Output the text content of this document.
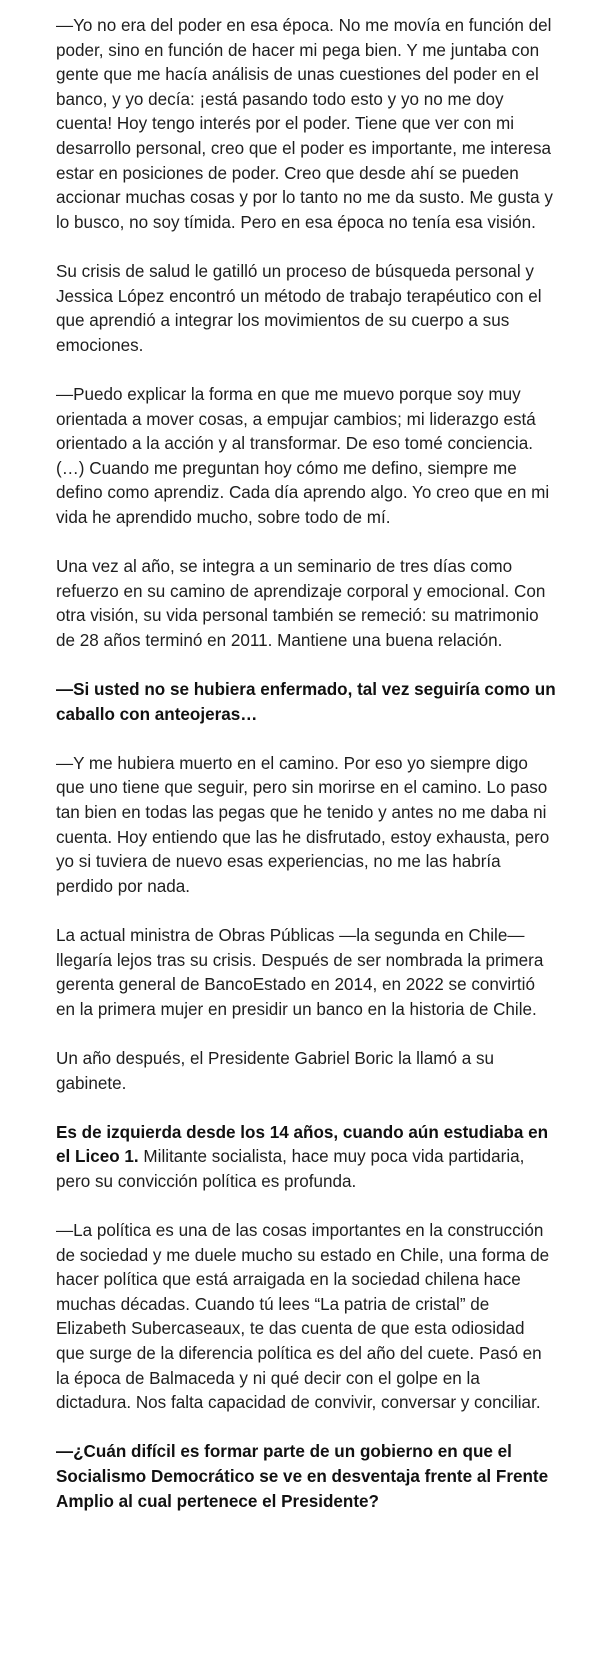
—Yo no era del poder en esa época. No me movía en función del poder, sino en función de hacer mi pega bien. Y me juntaba con gente que me hacía análisis de unas cuestiones del poder en el banco, y yo decía: ¡está pasando todo esto y yo no me doy cuenta! Hoy tengo interés por el poder. Tiene que ver con mi desarrollo personal, creo que el poder es importante, me interesa estar en posiciones de poder. Creo que desde ahí se pueden accionar muchas cosas y por lo tanto no me da susto. Me gusta y lo busco, no soy tímida. Pero en esa época no tenía esa visión.

Su crisis de salud le gatilló un proceso de búsqueda personal y Jessica López encontró un método de trabajo terapéutico con el que aprendió a integrar los movimientos de su cuerpo a sus emociones.

—Puedo explicar la forma en que me muevo porque soy muy orientada a mover cosas, a empujar cambios; mi liderazgo está orientado a la acción y al transformar. De eso tomé conciencia. (…) Cuando me preguntan hoy cómo me defino, siempre me defino como aprendiz. Cada día aprendo algo. Yo creo que en mi vida he aprendido mucho, sobre todo de mí.

Una vez al año, se integra a un seminario de tres días como refuerzo en su camino de aprendizaje corporal y emocional. Con otra visión, su vida personal también se remeció: su matrimonio de 28 años terminó en 2011. Mantiene una buena relación.

—Si usted no se hubiera enfermado, tal vez seguiría como un caballo con anteojeras…

—Y me hubiera muerto en el camino. Por eso yo siempre digo que uno tiene que seguir, pero sin morirse en el camino. Lo paso tan bien en todas las pegas que he tenido y antes no me daba ni cuenta. Hoy entiendo que las he disfrutado, estoy exhausta, pero yo si tuviera de nuevo esas experiencias, no me las habría perdido por nada.

La actual ministra de Obras Públicas —la segunda en Chile— llegaría lejos tras su crisis. Después de ser nombrada la primera gerenta general de BancoEstado en 2014, en 2022 se convirtió en la primera mujer en presidir un banco en la historia de Chile.

Un año después, el Presidente Gabriel Boric la llamó a su gabinete.

Es de izquierda desde los 14 años, cuando aún estudiaba en el Liceo 1. Militante socialista, hace muy poca vida partidaria, pero su convicción política es profunda.

—La política es una de las cosas importantes en la construcción de sociedad y me duele mucho su estado en Chile, una forma de hacer política que está arraigada en la sociedad chilena hace muchas décadas. Cuando tú lees “La patria de cristal” de Elizabeth Subercaseaux, te das cuenta de que esta odiosidad que surge de la diferencia política es del año del cuete. Pasó en la época de Balmaceda y ni qué decir con el golpe en la dictadura. Nos falta capacidad de convivir, conversar y conciliar.

—¿Cuán difícil es formar parte de un gobierno en que el Socialismo Democrático se ve en desventaja frente al Frente Amplio al cual pertenece el Presidente?
